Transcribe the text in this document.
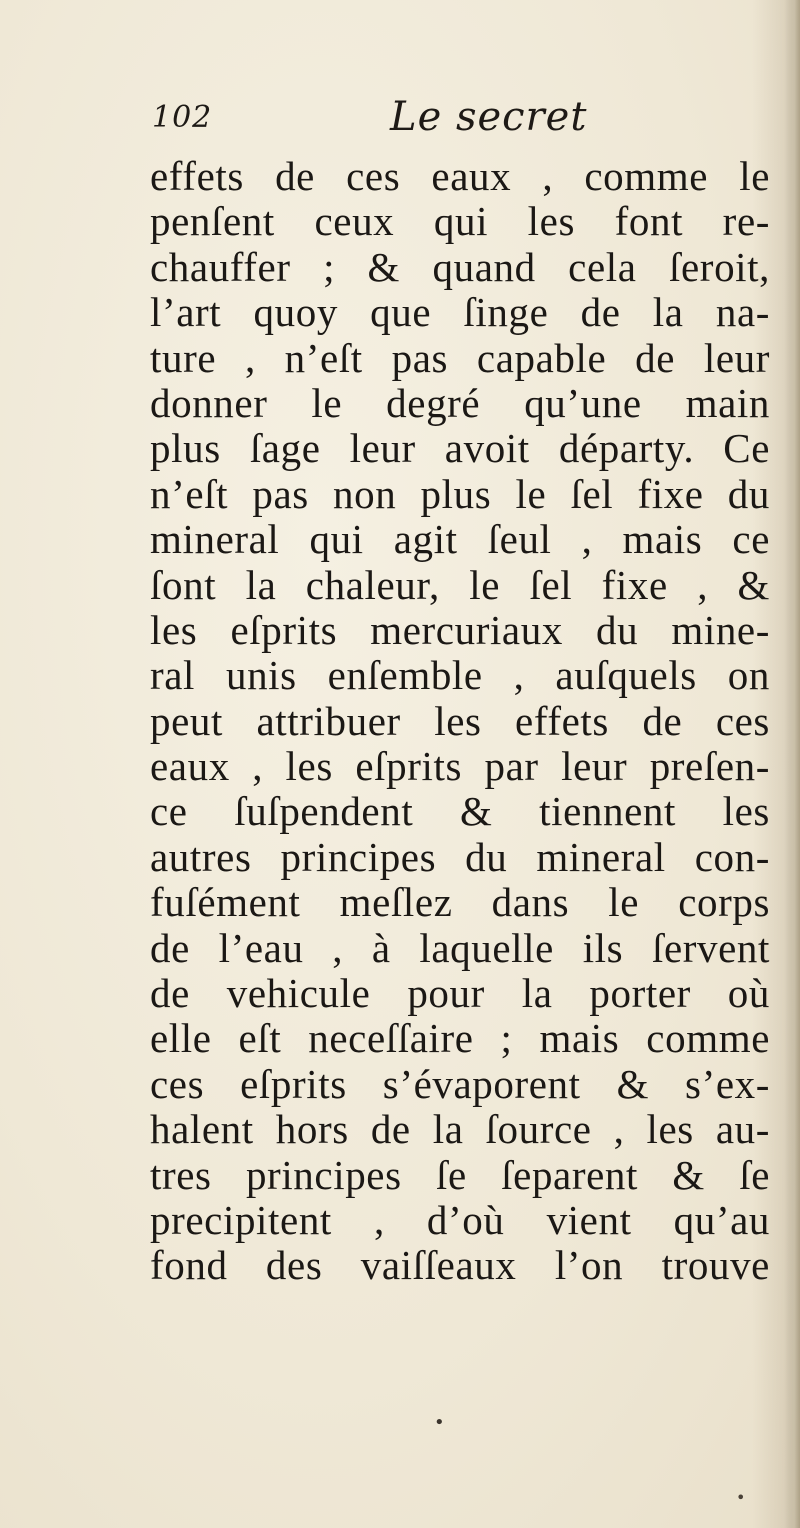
102	Le secret
effets de ces eaux , comme le
penſent ceux qui les font re-
chauffer ; & quand cela ſeroit,
l’art quoy que ſinge de la na-
ture , n’eſt pas capable de leur
donner le degré qu’une main
plus ſage leur avoit départy. Ce
n’eſt pas non plus le ſel fixe du
mineral qui agit ſeul , mais ce
ſont la chaleur, le ſel fixe , &
les eſprits mercuriaux du mine-
ral unis enſemble , auſquels on
peut attribuer les effets de ces
eaux , les eſprits par leur preſen-
ce ſuſpendent & tiennent les
autres principes du mineral con-
fuſément meſlez dans le corps
de l’eau , à laquelle ils ſervent
de vehicule pour la porter où
elle eſt neceſſaire ; mais comme
ces eſprits s’évaporent & s’ex-
halent hors de la ſource , les au-
tres principes ſe ſeparent & ſe
precipitent , d’où vient qu’au
fond des vaiſſeaux l’on trouve
•
•
